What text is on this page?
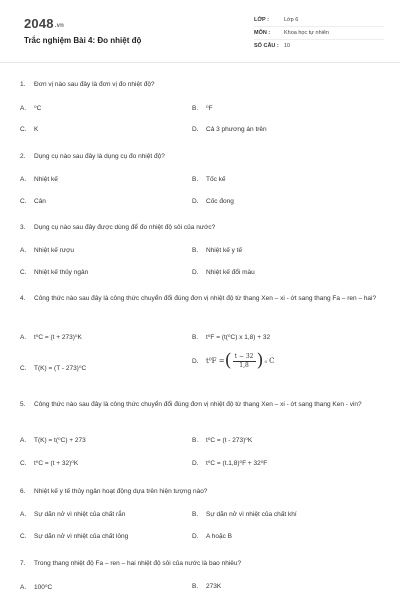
2048.vn
Trắc nghiệm Bài 4: Đo nhiệt độ
LỚP :	Lớp 6
MÔN :	Khoa học tự nhiên
SỐ CÂU : 10
1.	Đơn vị nào sau đây là đơn vị đo nhiệt độ?
A.	⁰C	B.	⁰F
C.	K	D.	Cả 3 phương án trên
2.	Dụng cụ nào sau đây là dụng cụ đo nhiệt độ?
A.	Nhiệt kế	B.	Tốc kế
C.	Cân	D.	Cốc đong
3.	Dụng cụ nào sau đây được dùng để đo nhiệt độ sôi của nước?
A.	Nhiệt kế rượu	B.	Nhiệt kế y tế
C.	Nhiệt kế thủy ngân	D.	Nhiệt kế đổi màu
4.	Công thức nào sau đây là công thức chuyển đổi đúng đơn vị nhiệt độ từ thang Xen – xi - ớt sang thang Fa – ren – hai?
A.	t⁰C = (t + 273)⁰K	B.	t⁰F = (t(⁰C) x 1,8) + 32
C.	T(K) = (T - 273)⁰C
D.	t⁰F = ( $\frac{t - 32}{1,8}$ ) 0 C
5.	Công thức nào sau đây là công thức chuyển đổi đúng đơn vị nhiệt độ từ thang Xen – xi - ớt sang thang Ken - vin?
A.	T(K) = t(⁰C) + 273	B.	t⁰C = (t - 273)⁰K
C.	t⁰C = (t + 32)⁰K	D.	t⁰C = (t.1,8)⁰F + 32⁰F
6.	Nhiệt kế y tế thủy ngân hoạt động dựa trên hiện tượng nào?
A.	Sự dãn nở vì nhiệt của chất rắn	B.	Sự dãn nở vì nhiệt của chất khí
C.	Sự dãn nở vì nhiệt của chất lỏng	D.	A hoặc B
7.	Trong thang nhiệt độ Fa – ren – hai nhiệt độ sôi của nước là bao nhiêu?
A.	100⁰C	B.	273K
